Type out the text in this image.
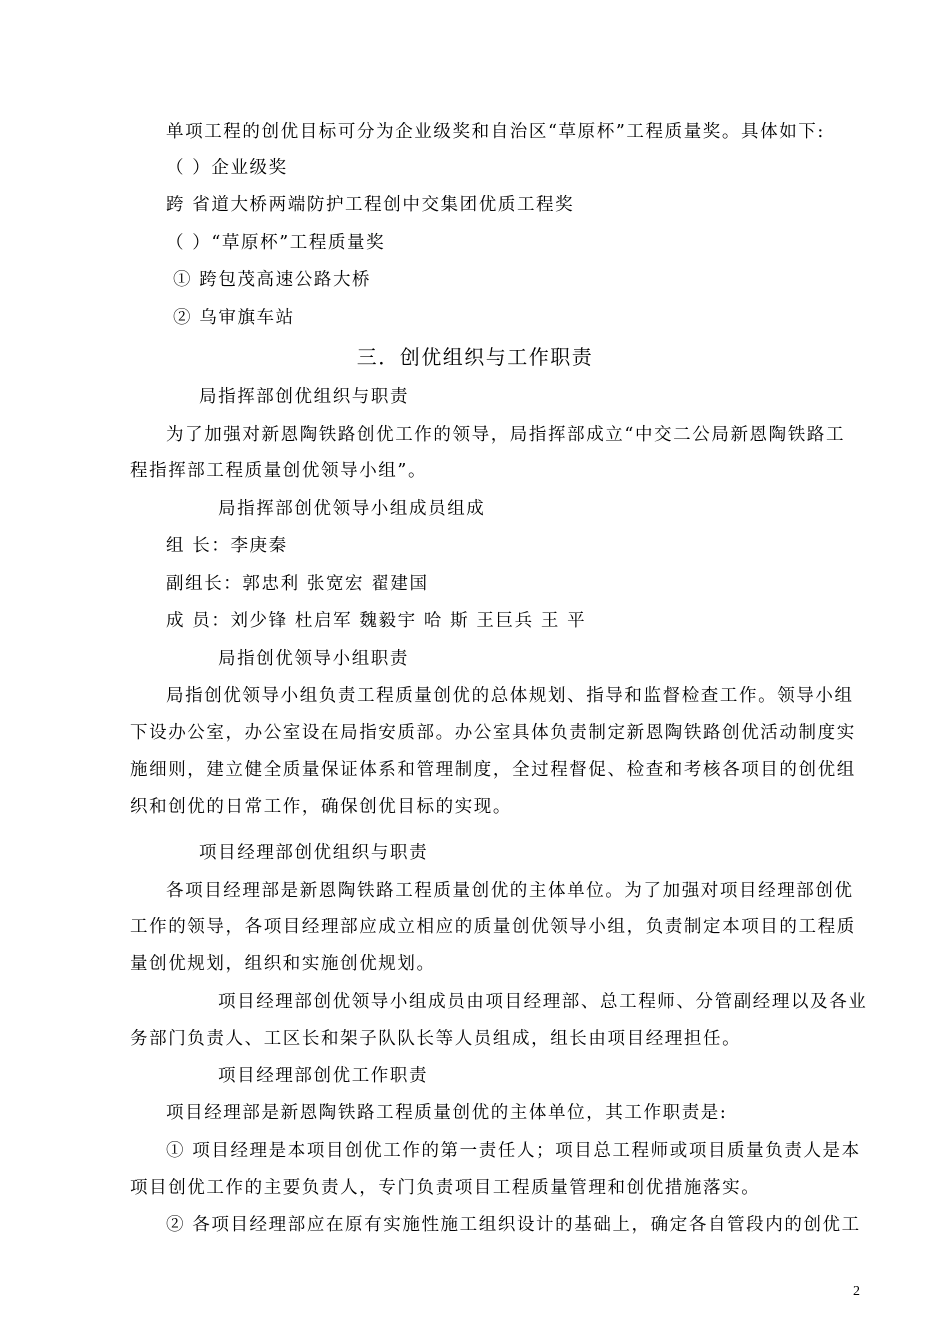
单项工程的创优目标可分为企业级奖和自治区“草原杯”工程质量奖。具体如下:
（ ）企业级奖
跨 省道大桥两端防护工程创中交集团优质工程奖
（ ）“草原杯”工程质量奖
① 跨包茂高速公路大桥
② 乌审旗车站
三．创优组织与工作职责
局指挥部创优组织与职责
为了加强对新恩陶铁路创优工作的领导，局指挥部成立“中交二公局新恩陶铁路工
程指挥部工程质量创优领导小组”。
局指挥部创优领导小组成员组成
组 长：李庚秦
副组长：郭忠利 张宽宏 翟建国
成 员：刘少锋 杜启军 魏毅宇 哈 斯 王巨兵 王 平
局指创优领导小组职责
局指创优领导小组负责工程质量创优的总体规划、指导和监督检查工作。领导小组
下设办公室，办公室设在局指安质部。办公室具体负责制定新恩陶铁路创优活动制度实
施细则，建立健全质量保证体系和管理制度，全过程督促、检查和考核各项目的创优组
织和创优的日常工作，确保创优目标的实现。
项目经理部创优组织与职责
各项目经理部是新恩陶铁路工程质量创优的主体单位。为了加强对项目经理部创优
工作的领导，各项目经理部应成立相应的质量创优领导小组，负责制定本项目的工程质
量创优规划，组织和实施创优规划。
项目经理部创优领导小组成员由项目经理部、总工程师、分管副经理以及各业
务部门负责人、工区长和架子队队长等人员组成，组长由项目经理担任。
项目经理部创优工作职责
项目经理部是新恩陶铁路工程质量创优的主体单位，其工作职责是:
① 项目经理是本项目创优工作的第一责任人；项目总工程师或项目质量负责人是本
项目创优工作的主要负责人，专门负责项目工程质量管理和创优措施落实。
② 各项目经理部应在原有实施性施工组织设计的基础上，确定各自管段内的创优工
2
